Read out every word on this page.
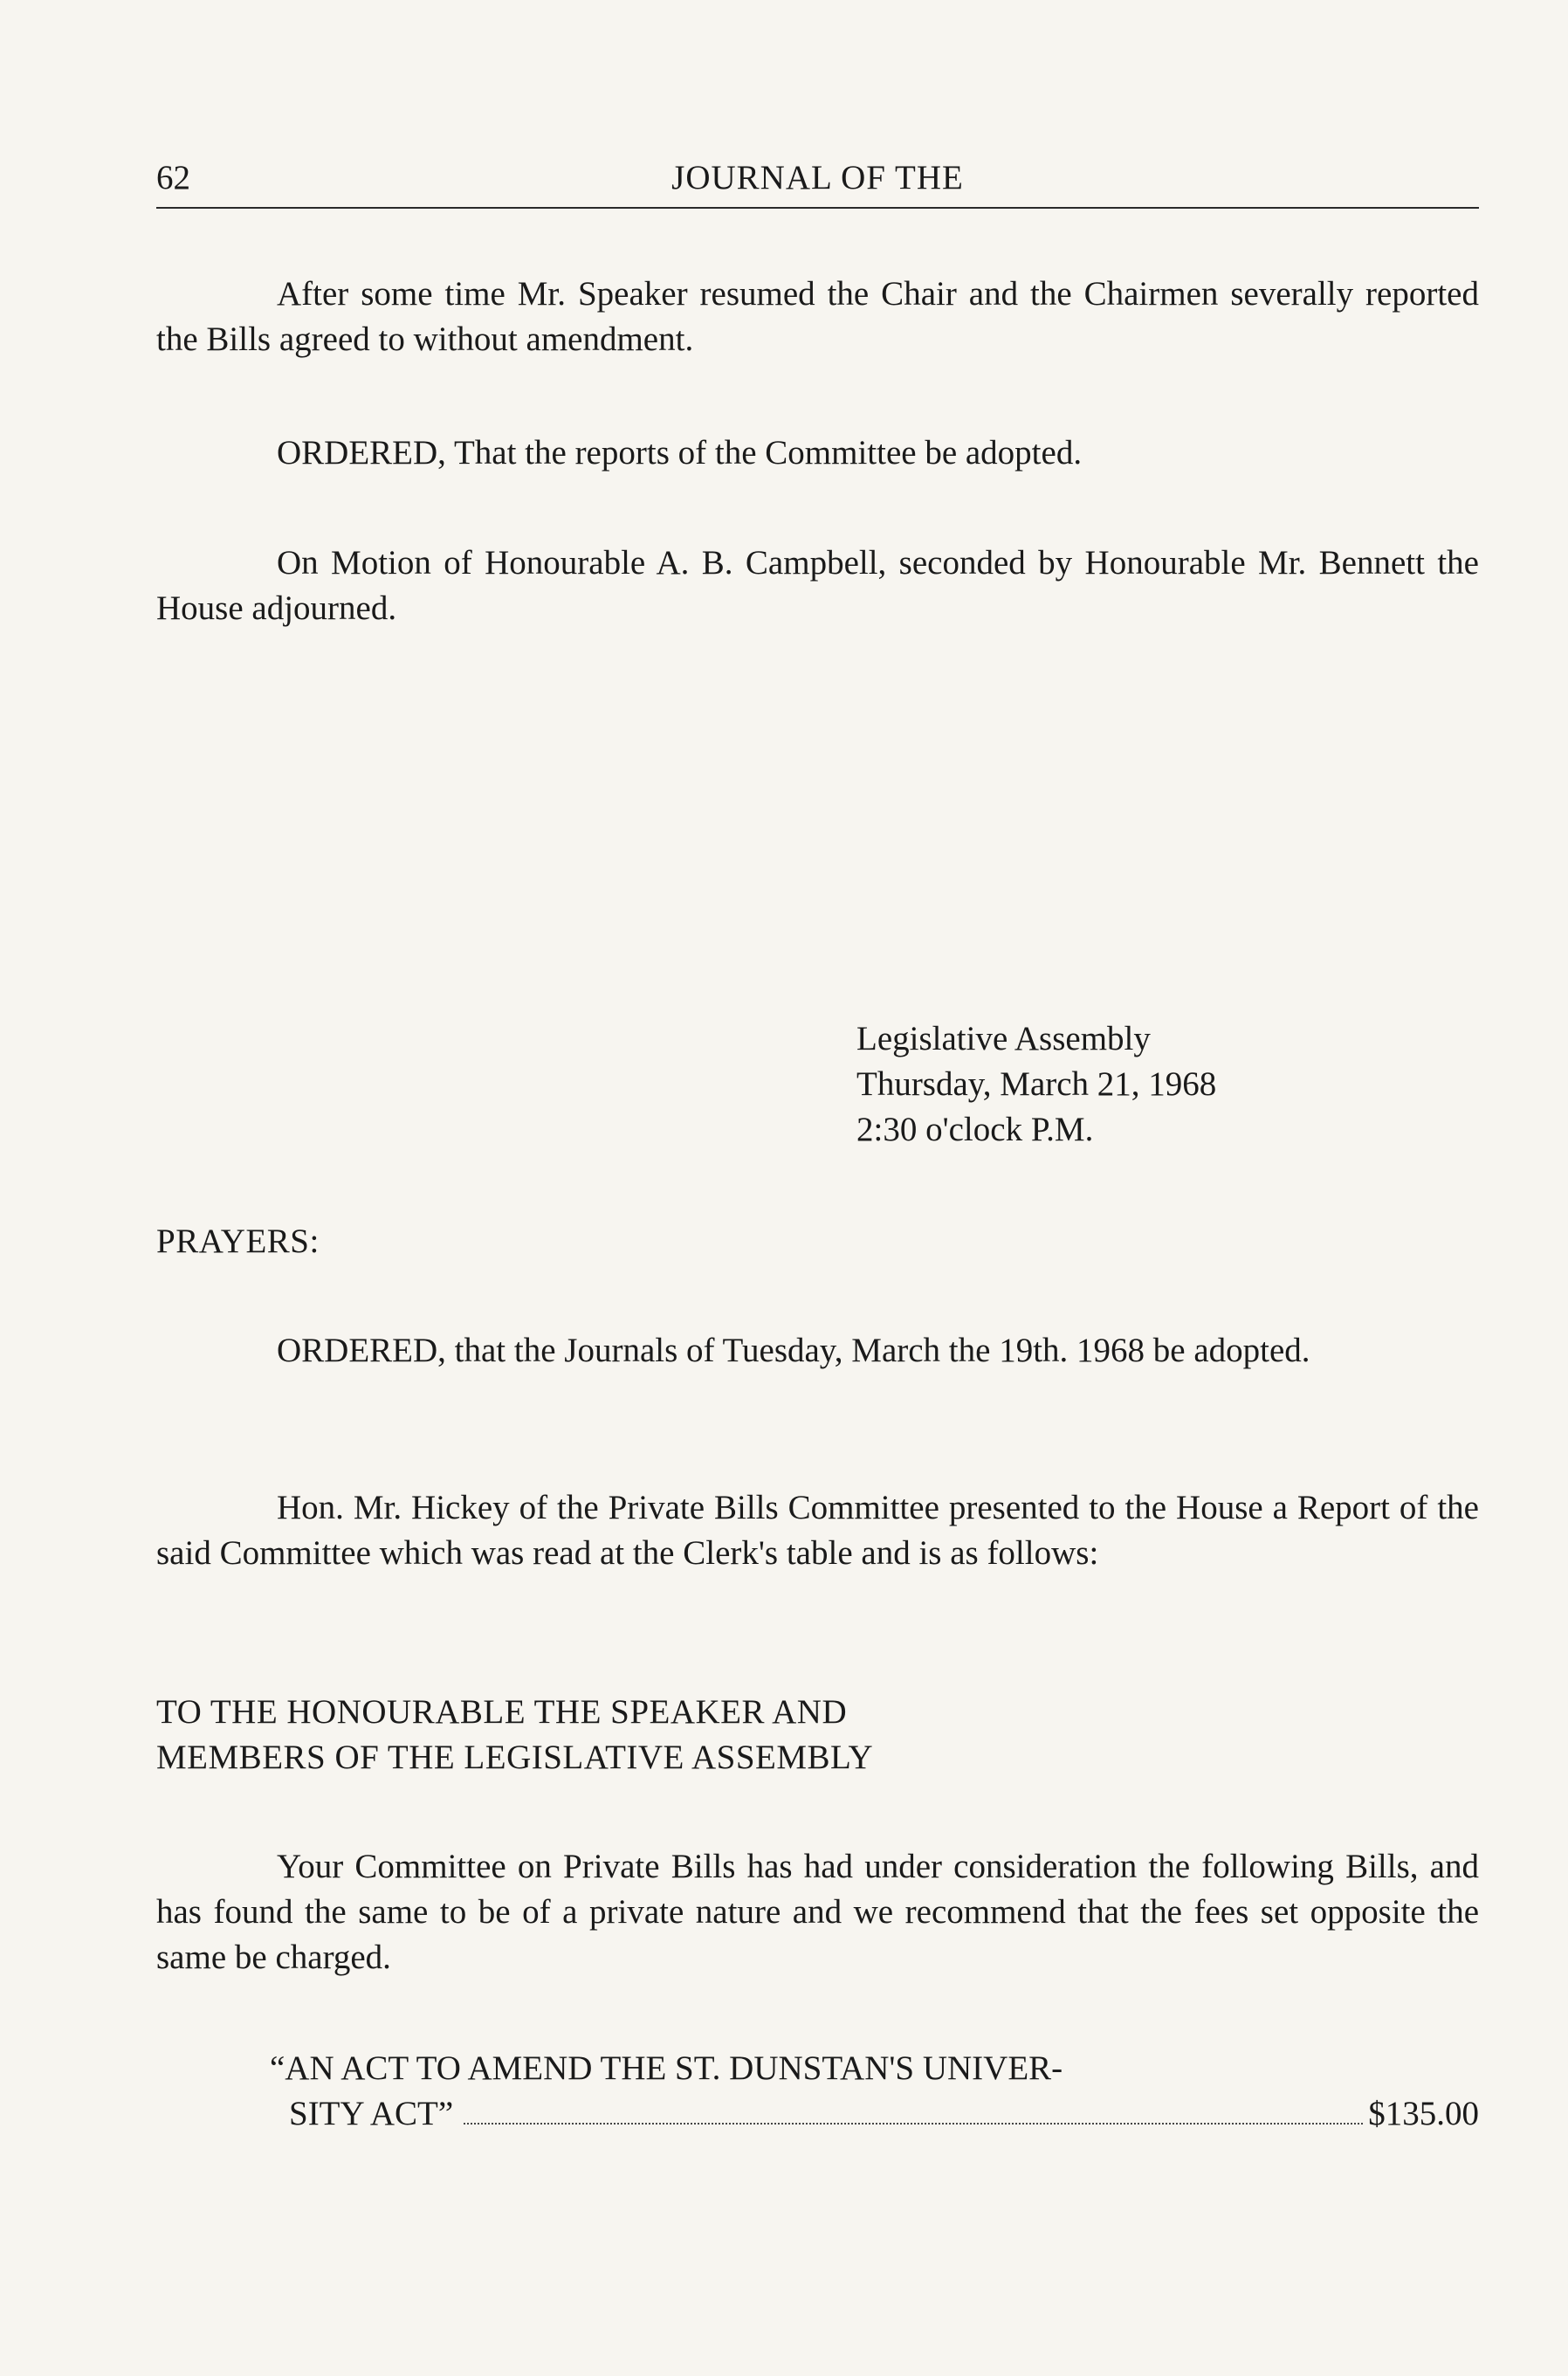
62	JOURNAL OF THE

After some time Mr. Speaker resumed the Chair and the Chairmen severally reported the Bills agreed to without amendment.

ORDERED, That the reports of the Committee be adopted.

On Motion of Honourable A. B. Campbell, seconded by Honourable Mr. Bennett the House adjourned.

Legislative Assembly
Thursday, March 21, 1968
2:30 o'clock P.M.
PRAYERS:

ORDERED, that the Journals of Tuesday, March the 19th. 1968 be adopted.

Hon. Mr. Hickey of the Private Bills Committee presented to the House a Report of the said Committee which was read at the Clerk's table and is as follows:

TO THE HONOURABLE THE SPEAKER AND
MEMBERS OF THE LEGISLATIVE ASSEMBLY

Your Committee on Private Bills has had under consideration the following Bills, and has found the same to be of a private nature and we recommend that the fees set opposite the same be charged.

“AN ACT TO AMEND THE ST. DUNSTAN'S UNIVER-
SITY ACT”	$135.00
